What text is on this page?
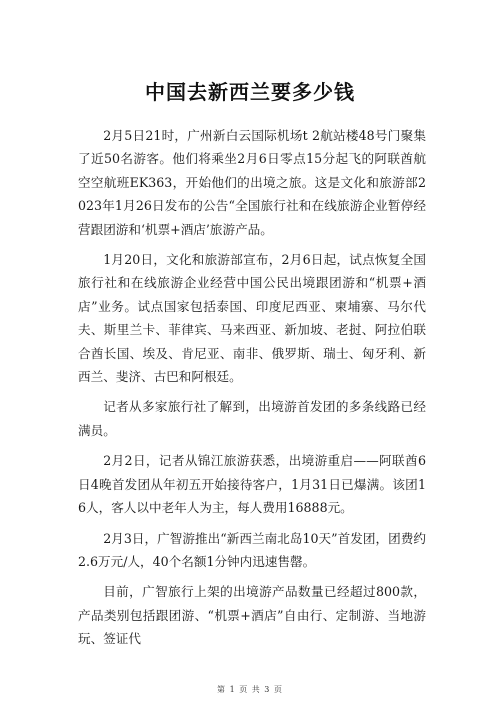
中国去新西兰要多少钱

2月5日21时，广州新白云国际机场t 2航站楼48号门聚集了近50名游客。他们将乘坐2月6日零点15分起飞的阿联酋航空空航班EK363，开始他们的出境之旅。这是文化和旅游部2023年1月26日发布的公告“全国旅行社和在线旅游企业暂停经营跟团游和‘机票+酒店’旅游产品。

1月20日，文化和旅游部宣布，2月6日起，试点恢复全国旅行社和在线旅游企业经营中国公民出境跟团游和“机票+酒店”业务。试点国家包括泰国、印度尼西亚、柬埔寨、马尔代夫、斯里兰卡、菲律宾、马来西亚、新加坡、老挝、阿拉伯联合酋长国、埃及、肯尼亚、南非、俄罗斯、瑞士、匈牙利、新西兰、斐济、古巴和阿根廷。

记者从多家旅行社了解到，出境游首发团的多条线路已经满员。

2月2日，记者从锦江旅游获悉，出境游重启——阿联酋6日4晚首发团从年初五开始接待客户，1月31日已爆满。该团16人，客人以中老年人为主，每人费用16888元。

2月3日，广智游推出“新西兰南北岛10天”首发团，团费约2.6万元/人，40个名额1分钟内迅速售罄。

目前，广智旅行上架的出境游产品数量已经超过800款，产品类别包括跟团游、“机票+酒店”自由行、定制游、当地游玩、签证代

第 1 页 共 3 页
